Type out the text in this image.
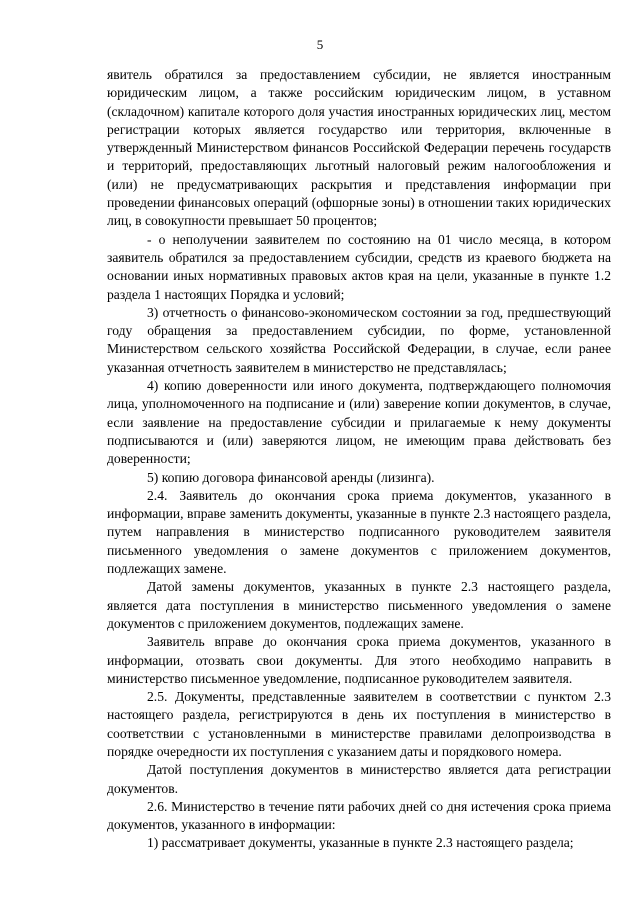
5

явитель обратился за предоставлением субсидии, не является иностранным юридическим лицом, а также российским юридическим лицом, в уставном (складочном) капитале которого доля участия иностранных юридических лиц, местом регистрации которых является государство или территория, включенные в утвержденный Министерством финансов Российской Федерации перечень государств и территорий, предоставляющих льготный налоговый режим налогообложения и (или) не предусматривающих раскрытия и представления информации при проведении финансовых операций (офшорные зоны) в отношении таких юридических лиц, в совокупности превышает 50 процентов;

- о неполучении заявителем по состоянию на 01 число месяца, в котором заявитель обратился за предоставлением субсидии, средств из краевого бюджета на основании иных нормативных правовых актов края на цели, указанные в пункте 1.2 раздела 1 настоящих Порядка и условий;

3) отчетность о финансово-экономическом состоянии за год, предшествующий году обращения за предоставлением субсидии, по форме, установленной Министерством сельского хозяйства Российской Федерации, в случае, если ранее указанная отчетность заявителем в министерство не представлялась;

4) копию доверенности или иного документа, подтверждающего полномочия лица, уполномоченного на подписание и (или) заверение копии документов, в случае, если заявление на предоставление субсидии и прилагаемые к нему документы подписываются и (или) заверяются лицом, не имеющим права действовать без доверенности;

5) копию договора финансовой аренды (лизинга).

2.4. Заявитель до окончания срока приема документов, указанного в информации, вправе заменить документы, указанные в пункте 2.3 настоящего раздела, путем направления в министерство подписанного руководителем заявителя письменного уведомления о замене документов с приложением документов, подлежащих замене.

Датой замены документов, указанных в пункте 2.3 настоящего раздела, является дата поступления в министерство письменного уведомления о замене документов с приложением документов, подлежащих замене.

Заявитель вправе до окончания срока приема документов, указанного в информации, отозвать свои документы. Для этого необходимо направить в министерство письменное уведомление, подписанное руководителем заявителя.

2.5. Документы, представленные заявителем в соответствии с пунктом 2.3 настоящего раздела, регистрируются в день их поступления в министерство в соответствии с установленными в министерстве правилами делопроизводства в порядке очередности их поступления с указанием даты и порядкового номера.

Датой поступления документов в министерство является дата регистрации документов.

2.6. Министерство в течение пяти рабочих дней со дня истечения срока приема документов, указанного в информации:

1) рассматривает документы, указанные в пункте 2.3 настоящего раздела;
